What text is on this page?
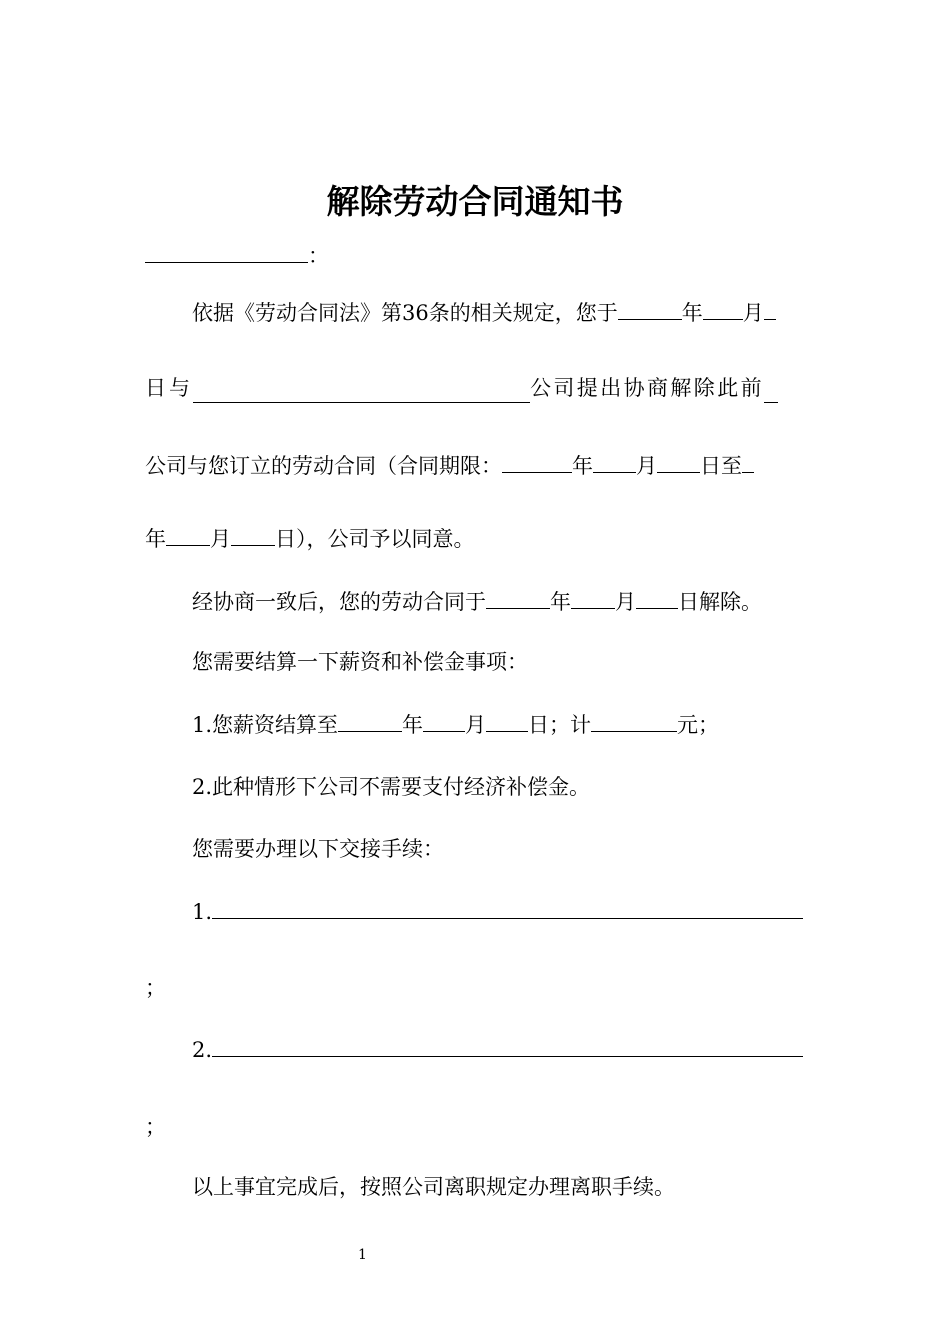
解除劳动合同通知书
：
依据《劳动合同法》第36条的相关规定，您于	年 月
日与	公司提出协商解除此前
公司与您订立的劳动合同（合同期限：	年 月 日至
年 月 日），公司予以同意。
经协商一致后，您的劳动合同于	年 月 日解除。
您需要结算一下薪资和补偿金事项：
1.您薪资结算至	年 月 日；计	元；
2.此种情形下公司不需要支付经济补偿金。
您需要办理以下交接手续：
1.
；
2.
；
以上事宜完成后，按照公司离职规定办理离职手续。
1
